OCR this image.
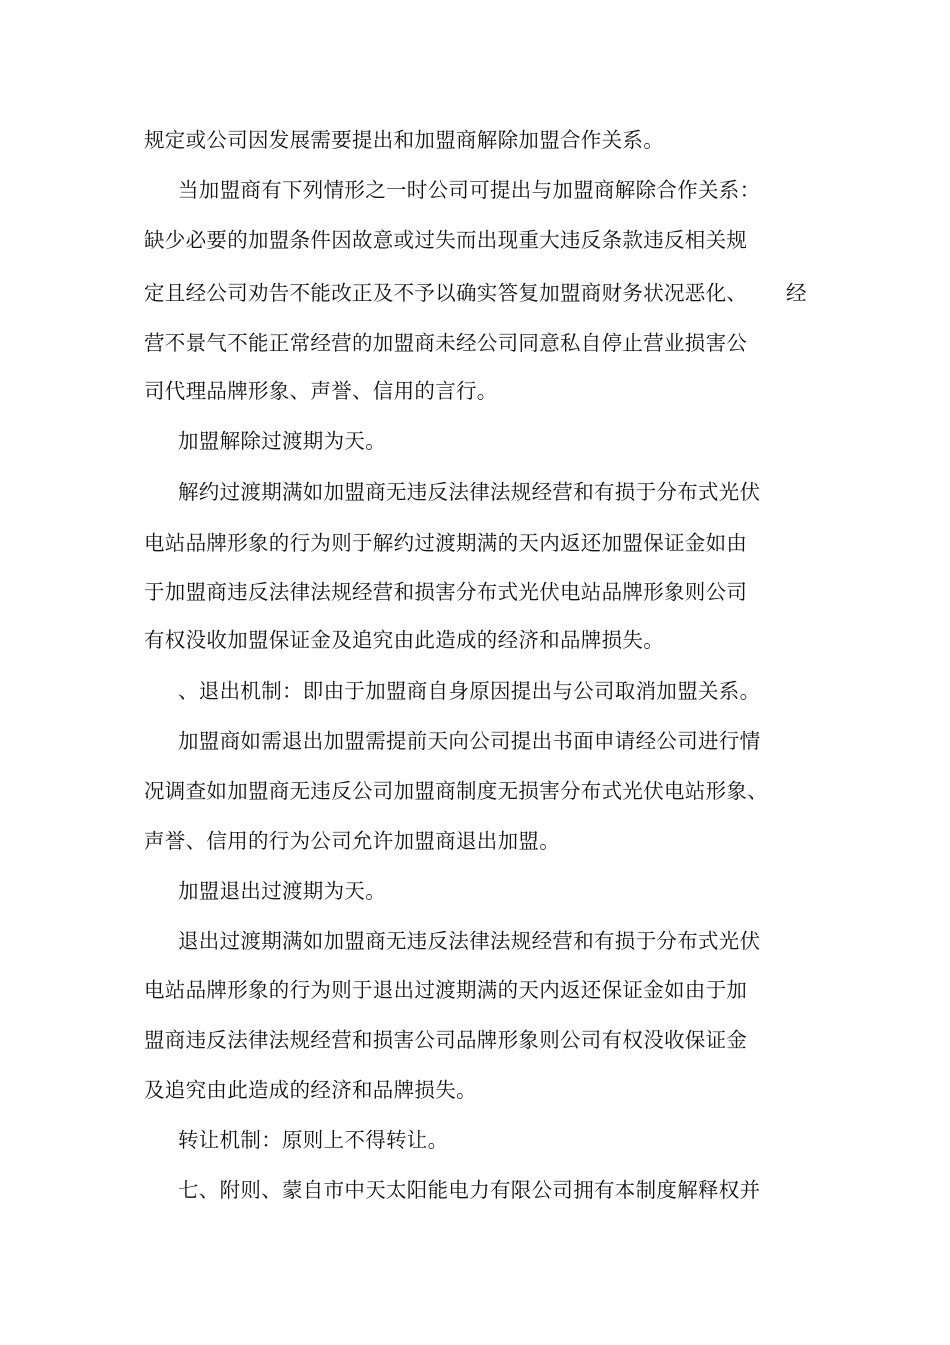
规定或公司因发展需要提出和加盟商解除加盟合作关系。
当加盟商有下列情形之一时公司可提出与加盟商解除合作关系：
缺少必要的加盟条件因故意或过失而出现重大违反条款违反相关规
定且经公司劝告不能改正及不予以确实答复加盟商财务状况恶化、 经
营不景气不能正常经营的加盟商未经公司同意私自停止营业损害公
司代理品牌形象、声誉、信用的言行。
加盟解除过渡期为天。
解约过渡期满如加盟商无违反法律法规经营和有损于分布式光伏
电站品牌形象的行为则于解约过渡期满的天内返还加盟保证金如由
于加盟商违反法律法规经营和损害分布式光伏电站品牌形象则公司
有权没收加盟保证金及追究由此造成的经济和品牌损失。
、退出机制：即由于加盟商自身原因提出与公司取消加盟关系。
加盟商如需退出加盟需提前天向公司提出书面申请经公司进行情
况调查如加盟商无违反公司加盟商制度无损害分布式光伏电站形象、
声誉、信用的行为公司允许加盟商退出加盟。
加盟退出过渡期为天。
退出过渡期满如加盟商无违反法律法规经营和有损于分布式光伏
电站品牌形象的行为则于退出过渡期满的天内返还保证金如由于加
盟商违反法律法规经营和损害公司品牌形象则公司有权没收保证金
及追究由此造成的经济和品牌损失。
转让机制：原则上不得转让。
七、附则、蒙自市中天太阳能电力有限公司拥有本制度解释权并
